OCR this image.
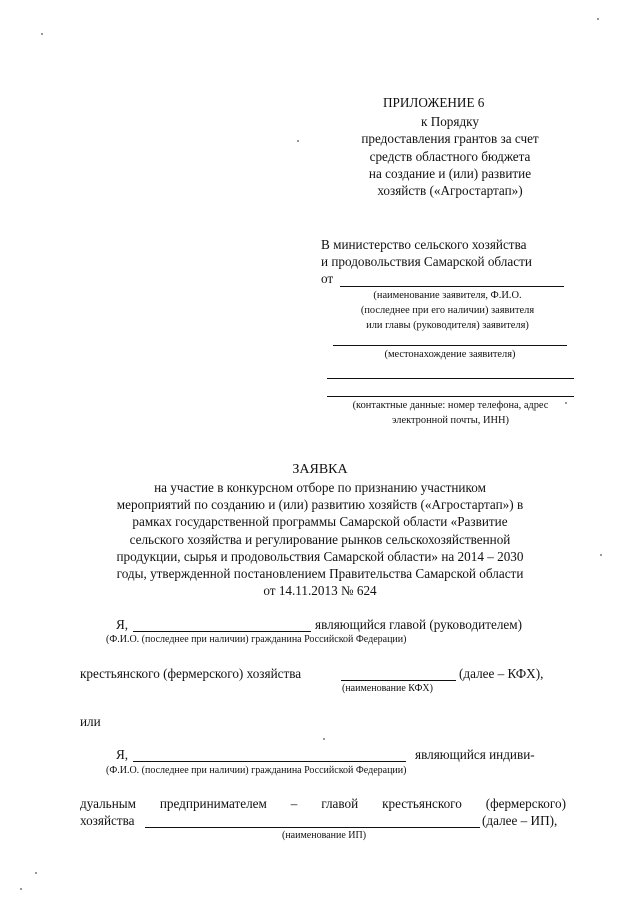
ПРИЛОЖЕНИЕ 6
к Порядку
предоставления грантов за счет
средств областного бюджета
на создание и (или) развитие
хозяйств («Агростартап»)
В министерство сельского хозяйства
и продовольствия Самарской области
от
(наименование заявителя, Ф.И.О.
(последнее при его наличии) заявителя
или главы (руководителя) заявителя)
(местонахождение заявителя)
(контактные данные: номер телефона, адрес
электронной почты, ИНН)
ЗАЯВКА
на участие в конкурсном отборе по признанию участником
мероприятий по созданию и (или) развитию хозяйств («Агростартап») в
рамках государственной программы Самарской области «Развитие
сельского хозяйства и регулирование рынков сельскохозяйственной
продукции, сырья и продовольствия Самарской области» на 2014 – 2030
годы, утвержденной постановлением Правительства Самарской области
от 14.11.2013 № 624
Я,	являющийся главой (руководителем)
(Ф.И.О. (последнее при наличии) гражданина Российской Федерации)
крестьянского (фермерского) хозяйства	(далее – КФХ),
(наименование КФХ)
или
Я,	являющийся индиви-
(Ф.И.О. (последнее при наличии) гражданина Российской Федерации)
дуальным предпринимателем – главой крестьянского (фермерского)
хозяйства	(далее – ИП),
(наименование ИП)
